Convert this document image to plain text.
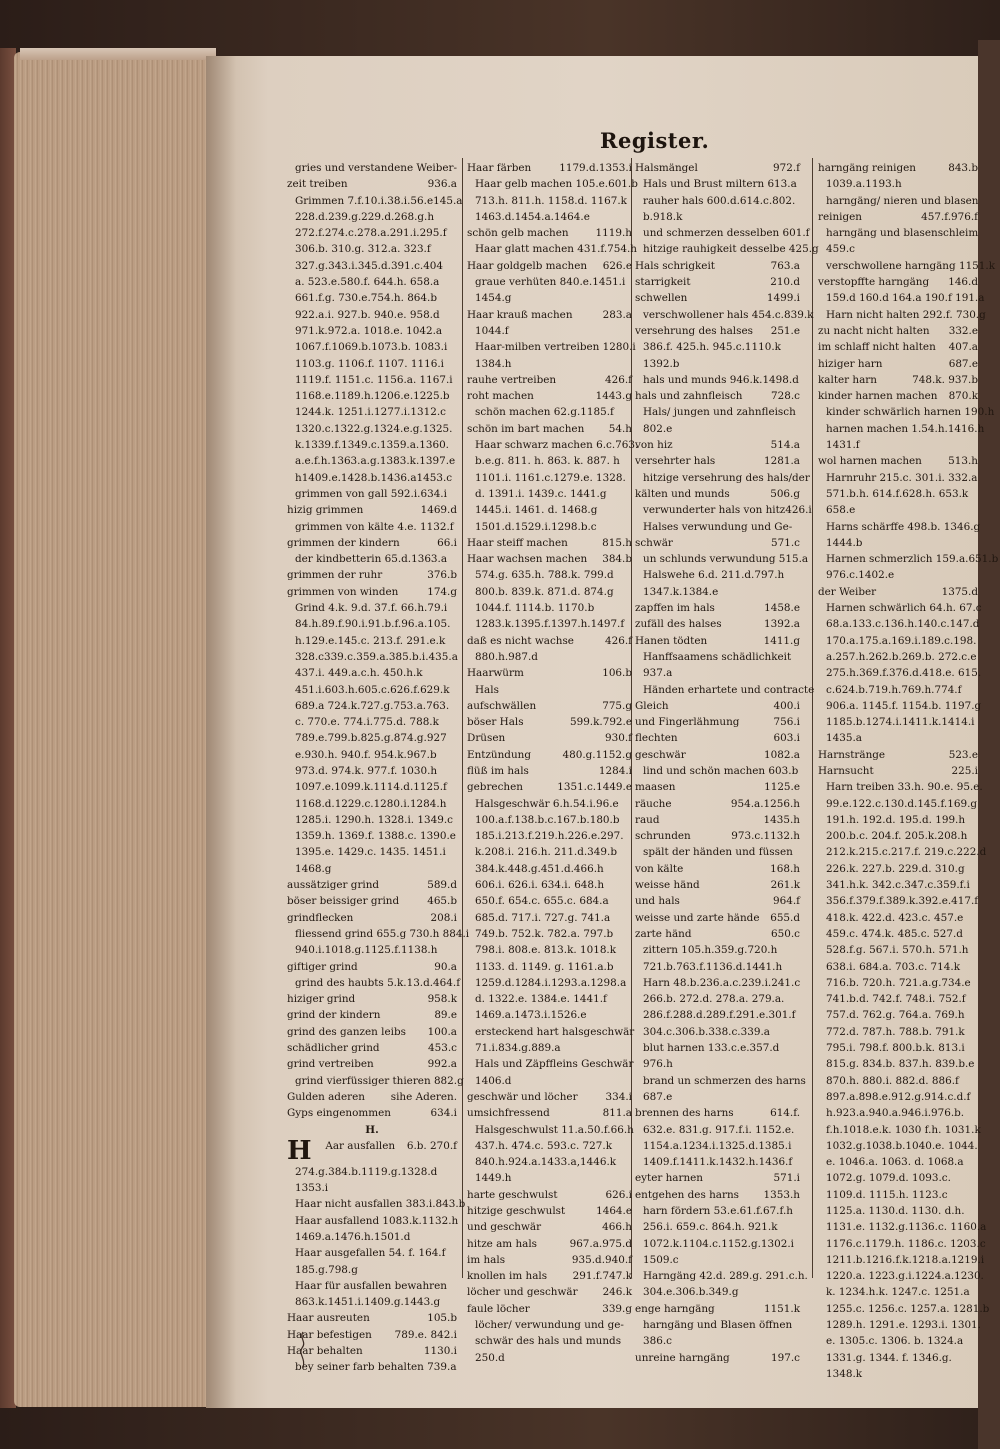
Register.
gries und verstandene Weiber-
zeit treiben	936.a
Grimmen 7.f.10.i.38.i.56.e145.a
228.d.239.g.229.d.268.g.h
272.f.274.c.278.a.291.i.295.f
306.b. 310.g. 312.a. 323.f
327.g.343.i.345.d.391.c.404
a. 523.e.580.f. 644.h. 658.a
661.f.g. 730.e.754.h. 864.b
922.a.i. 927.b. 940.e. 958.d
971.k.972.a. 1018.e. 1042.a
1067.f.1069.b.1073.b. 1083.i
1103.g. 1106.f. 1107. 1116.i
1119.f. 1151.c. 1156.a. 1167.i
1168.e.1189.h.1206.e.1225.b
1244.k. 1251.i.1277.i.1312.c
1320.c.1322.g.1324.e.g.1325.
k.1339.f.1349.c.1359.a.1360.
a.e.f.h.1363.a.g.1383.k.1397.e
h1409.e.1428.b.1436.a1453.c
grimmen von gall 592.i.634.i
hizig grimmen	1469.d
grimmen von kälte 4.e. 1132.f
grimmen der kindern	66.i
der kindbetterin 65.d.1363.a
grimmen der ruhr	376.b
grimmen von winden	174.g
Grind 4.k. 9.d. 37.f. 66.h.79.i
84.h.89.f.90.i.91.b.f.96.a.105.
h.129.e.145.c. 213.f. 291.e.k
328.c339.c.359.a.385.b.i.435.a
437.i. 449.a.c.h. 450.h.k
451.i.603.h.605.c.626.f.629.k
689.a 724.k.727.g.753.a.763.
c. 770.e. 774.i.775.d. 788.k
789.e.799.b.825.g.874.g.927
e.930.h. 940.f. 954.k.967.b
973.d. 974.k. 977.f. 1030.h
1097.e.1099.k.1114.d.1125.f
1168.d.1229.c.1280.i.1284.h
1285.i. 1290.h. 1328.i. 1349.c
1359.h. 1369.f. 1388.c. 1390.e
1395.e. 1429.c. 1435. 1451.i
1468.g
aussätziger grind	589.d
böser beissiger grind	465.b
grindflecken	208.i
fliessend grind 655.g 730.h 884.i
940.i.1018.g.1125.f.1138.h
giftiger grind	90.a
grind des haubts 5.k.13.d.464.f
hiziger grind	958.k
grind der kindern	89.e
grind des ganzen leibs 100.a
schädlicher grind	453.c
grind vertreiben	992.a
grind vierfüssiger thieren 882.g
Gulden aderen sihe Aderen.
Gyps eingenommen	634.i
H.
H Aar ausfallen 6.b. 270.f
274.g.384.b.1119.g.1328.d
1353.i
Haar nicht ausfallen 383.i.843.b
Haar ausfallend 1083.k.1132.h
1469.a.1476.h.1501.d
Haar ausgefallen 54. f. 164.f
185.g.798.g
Haar für ausfallen bewahren
863.k.1451.i.1409.g.1443.g
Haar ausreuten	105.b
Haar befestigen 789.e. 842.i
Haar behalten	1130.i
bey seiner farb behalten 739.a
Haar färben	1179.d.1353.i
Haar gelb machen 105.e.601.b
713.h. 811.h. 1158.d. 1167.k
1463.d.1454.a.1464.e
schön gelb machen	1119.h
Haar glatt machen 431.f.754.h
Haar goldgelb machen 626.e
graue verhüten 840.e.1451.i
1454.g
Haar krauß machen	283.a
1044.f
Haar-milben vertreiben 1280.i
1384.h
rauhe vertreiben	426.f
roht machen	1443.g
schön machen 62.g.1185.f
schön im bart machen 54.h
Haar schwarz machen 6.c.763.
b.e.g. 811. h. 863. k. 887. h
1101.i. 1161.c.1279.e. 1328.
d. 1391.i. 1439.c. 1441.g
1445.i. 1461. d. 1468.g
1501.d.1529.i.1298.b.c
Haar steiff machen	815.h
Haar wachsen machen 384.b
574.g. 635.h. 788.k. 799.d
800.b. 839.k. 871.d. 874.g
1044.f. 1114.b. 1170.b
1283.k.1395.f.1397.h.1497.f
daß es nicht wachse	426.f
880.h.987.d
Haarwürm	106.b
Hals
aufschwällen	775.g
böser Hals	599.k.792.e
Drüsen	930.f
Entzündung	480.g.1152.g
flüß im hals	1284.i
gebrechen	1351.c.1449.e
Halsgeschwär 6.h.54.i.96.e
100.a.f.138.b.c.167.b.180.b
185.i.213.f.219.h.226.e.297.
k.208.i. 216.h. 211.d.349.b
384.k.448.g.451.d.466.h
606.i. 626.i. 634.i. 648.h
650.f. 654.c. 655.c. 684.a
685.d. 717.i. 727.g. 741.a
749.b. 752.k. 782.a. 797.b
798.i. 808.e. 813.k. 1018.k
1133. d. 1149. g. 1161.a.b
1259.d.1284.i.1293.a.1298.a
d. 1322.e. 1384.e. 1441.f
1469.a.1473.i.1526.e
ersteckend hart halsgeschwär
71.i.834.g.889.a
Hals und Zäpffleins Geschwär
1406.d
geschwär und löcher	334.i
umsichfressend	811.a
Halsgeschwulst 11.a.50.f.66.h
437.h. 474.c. 593.c. 727.k
840.h.924.a.1433.a,1446.k
1449.h
harte geschwulst	626.i
hitzige geschwulst	1464.e
und geschwär	466.h
hitze am hals	967.a.975.d
im hals	935.d.940.f
knollen im hals 291.f.747.k
löcher und geschwär 246.k
faule löcher	339.g
löcher/ verwundung und ge-
schwär des hals und munds
250.d
Halsmängel	972.f
Hals und Brust miltern 613.a
rauher hals 600.d.614.c.802.
b.918.k
und schmerzen desselben 601.f
hitzige rauhigkeit desselbe 425.g
Hals schrigkeit	763.a
starrigkeit	210.d
schwellen	1499.i
verschwollener hals 454.c.839.k
versehrung des halses 251.e
386.f. 425.h. 945.c.1110.k
1392.b
hals und munds 946.k.1498.d
hals und zahnfleisch	728.c
Hals/ jungen und zahnfleisch
802.e
von hiz	514.a
versehrter hals	1281.a
hitzige versehrung des hals/der
kälten und munds	506.g
verwunderter hals von hitz426.i
Halses verwundung und Ge-
schwär	571.c
un schlunds verwundung 515.a
Halswehe 6.d. 211.d.797.h
1347.k.1384.e
zapffen im hals	1458.e
zufäll des halses	1392.a
Hanen tödten	1411.g
Hanffsaamens schädlichkeit
937.a
Händen erhartete und contracte
Gleich	400.i
und Fingerlähmung	756.i
flechten	603.i
geschwär	1082.a
lind und schön machen 603.b
maasen	1125.e
räuche	954.a.1256.h
raud	1435.h
schrunden	973.c.1132.h
spält der händen und füssen
von kälte	168.h
weisse händ	261.k
und hals	964.f
weisse und zarte hände 655.d
zarte händ	650.c
zittern 105.h.359.g.720.h
721.b.763.f.1136.d.1441.h
Harn 48.b.236.a.c.239.i.241.c
266.b. 272.d. 278.a. 279.a.
286.f.288.d.289.f.291.e.301.f
304.c.306.b.338.c.339.a
blut harnen 133.c.e.357.d
976.h
brand un schmerzen des harns
687.e
brennen des harns	614.f.
632.e. 831.g. 917.f.i. 1152.e.
1154.a.1234.i.1325.d.1385.i
1409.f.1411.k.1432.h.1436.f
eyter harnen	571.i
entgehen des harns 1353.h
harn fördern 53.e.61.f.67.f.h
256.i. 659.c. 864.h. 921.k
1072.k.1104.c.1152.g.1302.i
1509.c
Harngäng 42.d. 289.g. 291.c.h.
304.e.306.b.349.g
enge harngäng	1151.k
harngäng und Blasen öffnen
386.c
unreine harngäng	197.c
harngäng reinigen	843.b
1039.a.1193.h
harngäng/ nieren und blasen
reinigen	457.f.976.f
harngäng und blasenschleim
459.c
verschwollene harngäng 1151.k
verstopffte harngäng 146.d
159.d 160.d 164.a 190.f 191.a
Harn nicht halten 292.f. 730.g
zu nacht nicht halten 332.e
im schlaff nicht halten 407.a
hiziger harn	687.e
kalter harn	748.k. 937.b
kinder harnen machen 870.k
kinder schwärlich harnen 190.h
harnen machen 1.54.h.1416.h
1431.f
wol harnen machen	513.h
Harnruhr 215.c. 301.i. 332.a
571.b.h. 614.f.628.h. 653.k
658.e
Harns schärffe 498.b. 1346.g
1444.b
Harnen schmerzlich 159.a.651.b
976.c.1402.e
der Weiber	1375.d
Harnen schwärlich 64.h. 67.c
68.a.133.c.136.h.140.c.147.d
170.a.175.a.169.i.189.c.198.
a.257.h.262.b.269.b. 272.c.e
275.h.369.f.376.d.418.e. 615.
c.624.b.719.h.769.h.774.f
906.a. 1145.f. 1154.b. 1197.g
1185.b.1274.i.1411.k.1414.i
1435.a
Harnsträngе	523.e
Harnsucht	225.i
Harn treiben 33.h. 90.e. 95.e.
99.e.122.c.130.d.145.f.169.g
191.h. 192.d. 195.d. 199.h
200.b.c. 204.f. 205.k.208.h
212.k.215.c.217.f. 219.c.222.d
226.k. 227.b. 229.d. 310.g
341.h.k. 342.c.347.c.359.f.i
356.f.379.f.389.k.392.e.417.f
418.k. 422.d. 423.c. 457.e
459.c. 474.k. 485.c. 527.d
528.f.g. 567.i. 570.h. 571.h
638.i. 684.a. 703.c. 714.k
716.b. 720.h. 721.a.g.734.e
741.b.d. 742.f. 748.i. 752.f
757.d. 762.g. 764.a. 769.h
772.d. 787.h. 788.b. 791.k
795.i. 798.f. 800.b.k. 813.i
815.g. 834.b. 837.h. 839.b.e
870.h. 880.i. 882.d. 886.f
897.a.898.e.912.g.914.c.d.f
h.923.a.940.a.946.i.976.b.
f.h.1018.e.k. 1030 f.h. 1031.k
1032.g.1038.b.1040.e. 1044.
e. 1046.a. 1063. d. 1068.a
1072.g. 1079.d. 1093.c.
1109.d. 1115.h. 1123.c
1125.a. 1130.d. 1130. d.h.
1131.e. 1132.g.1136.c. 1160.a
1176.c.1179.h. 1186.c. 1203.c
1211.b.1216.f.k.1218.a.1219.i
1220.a. 1223.g.i.1224.a.1230.
k. 1234.h.k. 1247.c. 1251.a
1255.c. 1256.c. 1257.a. 1281.b
1289.h. 1291.e. 1293.i. 1301.
e. 1305.c. 1306. b. 1324.a
1331.g. 1344. f. 1346.g.
1348.k
